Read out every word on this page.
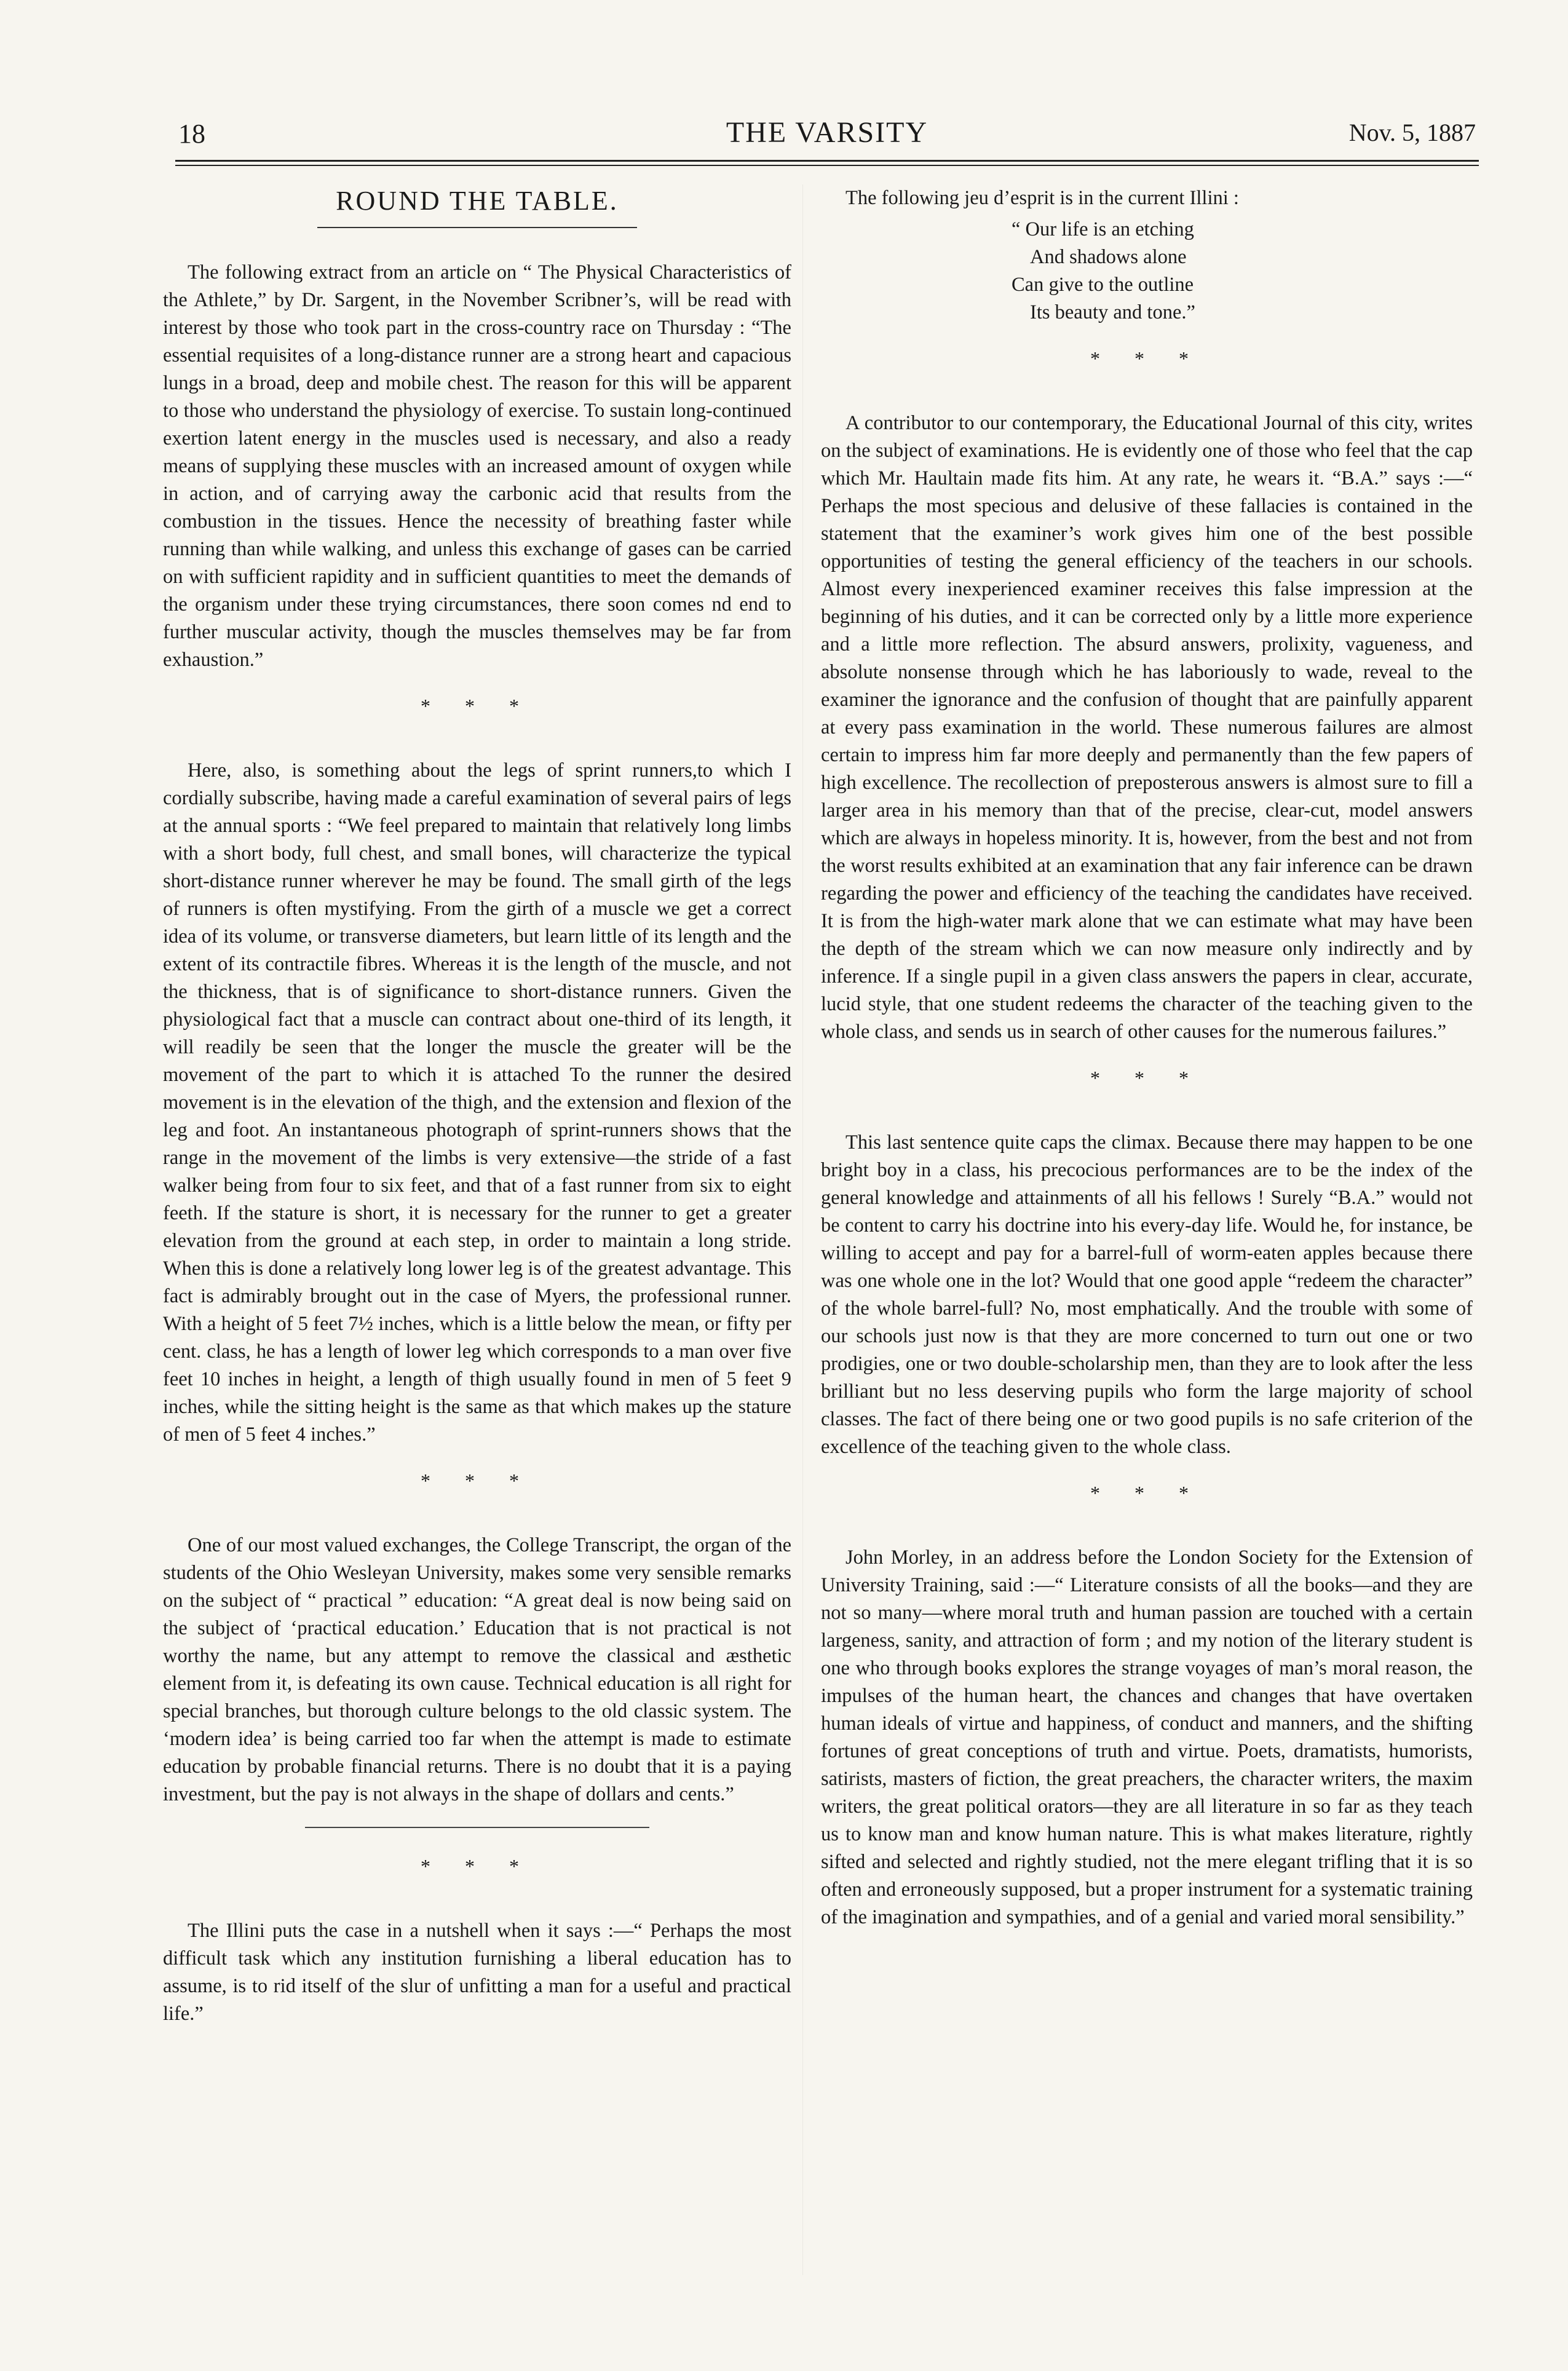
18	THE VARSITY	Nov. 5, 1887
ROUND THE TABLE.

The following extract from an article on “ The Physical Characteristics of the Athlete,” by Dr. Sargent, in the November Scribner’s, will be read with interest by those who took part in the cross-country race on Thursday : “The essential requisites of a long-distance runner are a strong heart and capacious lungs in a broad, deep and mobile chest. The reason for this will be apparent to those who understand the physiology of exercise. To sustain long-continued exertion latent energy in the muscles used is necessary, and also a ready means of supplying these muscles with an increased amount of oxygen while in action, and of carrying away the carbonic acid that results from the combustion in the tissues. Hence the necessity of breathing faster while running than while walking, and unless this exchange of gases can be carried on with sufficient rapidity and in sufficient quantities to meet the demands of the organism under these trying circumstances, there soon comes nd end to further muscular activity, though the muscles themselves may be far from exhaustion.”

* * *

Here, also, is something about the legs of sprint runners,to which I cordially subscribe, having made a careful examination of several pairs of legs at the annual sports : “We feel prepared to maintain that relatively long limbs with a short body, full chest, and small bones, will characterize the typical short-distance runner wherever he may be found. The small girth of the legs of runners is often mystifying. From the girth of a muscle we get a correct idea of its volume, or transverse diameters, but learn little of its length and the extent of its contractile fibres. Whereas it is the length of the muscle, and not the thickness, that is of significance to short-distance runners. Given the physiological fact that a muscle can contract about one-third of its length, it will readily be seen that the longer the muscle the greater will be the movement of the part to which it is attached To the runner the desired movement is in the elevation of the thigh, and the extension and flexion of the leg and foot. An instantaneous photograph of sprint-runners shows that the range in the movement of the limbs is very extensive—the stride of a fast walker being from four to six feet, and that of a fast runner from six to eight feeth. If the stature is short, it is necessary for the runner to get a greater elevation from the ground at each step, in order to maintain a long stride. When this is done a relatively long lower leg is of the greatest advantage. This fact is admirably brought out in the case of Myers, the professional runner. With a height of 5 feet 7½ inches, which is a little below the mean, or fifty per cent. class, he has a length of lower leg which corresponds to a man over five feet 10 inches in height, a length of thigh usually found in men of 5 feet 9 inches, while the sitting height is the same as that which makes up the stature of men of 5 feet 4 inches.”

* * *

One of our most valued exchanges, the College Transcript, the organ of the students of the Ohio Wesleyan University, makes some very sensible remarks on the subject of “ practical ” education: “A great deal is now being said on the subject of ‘practical education.’ Education that is not practical is not worthy the name, but any attempt to remove the classical and æsthetic element from it, is defeating its own cause. Technical education is all right for special branches, but thorough culture belongs to the old classic system. The ‘modern idea’ is being carried too far when the attempt is made to estimate education by probable financial returns. There is no doubt that it is a paying investment, but the pay is not always in the shape of dollars and cents.”

* * *

The Illini puts the case in a nutshell when it says :—“ Perhaps the most difficult task which any institution furnishing a liberal education has to assume, is to rid itself of the slur of unfitting a man for a useful and practical life.”

The following jeu d’esprit is in the current Illini :

“ Our life is an etching
And shadows alone
Can give to the outline
Its beauty and tone.”
* * *

A contributor to our contemporary, the Educational Journal of this city, writes on the subject of examinations. He is evidently one of those who feel that the cap which Mr. Haultain made fits him. At any rate, he wears it. “B.A.” says :—“ Perhaps the most specious and delusive of these fallacies is contained in the statement that the examiner’s work gives him one of the best possible opportunities of testing the general efficiency of the teachers in our schools. Almost every inexperienced examiner receives this false impression at the beginning of his duties, and it can be corrected only by a little more experience and a little more reflection. The absurd answers, prolixity, vagueness, and absolute nonsense through which he has laboriously to wade, reveal to the examiner the ignorance and the confusion of thought that are painfully apparent at every pass examination in the world. These numerous failures are almost certain to impress him far more deeply and permanently than the few papers of high excellence. The recollection of preposterous answers is almost sure to fill a larger area in his memory than that of the precise, clear-cut, model answers which are always in hopeless minority. It is, however, from the best and not from the worst results exhibited at an examination that any fair inference can be drawn regarding the power and efficiency of the teaching the candidates have received. It is from the high-water mark alone that we can estimate what may have been the depth of the stream which we can now measure only indirectly and by inference. If a single pupil in a given class answers the papers in clear, accurate, lucid style, that one student redeems the character of the teaching given to the whole class, and sends us in search of other causes for the numerous failures.”

* * *

This last sentence quite caps the climax. Because there may happen to be one bright boy in a class, his precocious performances are to be the index of the general knowledge and attainments of all his fellows ! Surely “B.A.” would not be content to carry his doctrine into his every-day life. Would he, for instance, be willing to accept and pay for a barrel-full of worm-eaten apples because there was one whole one in the lot? Would that one good apple “redeem the character” of the whole barrel-full? No, most emphatically. And the trouble with some of our schools just now is that they are more concerned to turn out one or two prodigies, one or two double-scholarship men, than they are to look after the less brilliant but no less deserving pupils who form the large majority of school classes. The fact of there being one or two good pupils is no safe criterion of the excellence of the teaching given to the whole class.

* * *

John Morley, in an address before the London Society for the Extension of University Training, said :—“ Literature consists of all the books—and they are not so many—where moral truth and human passion are touched with a certain largeness, sanity, and attraction of form ; and my notion of the literary student is one who through books explores the strange voyages of man’s moral reason, the impulses of the human heart, the chances and changes that have overtaken human ideals of virtue and happiness, of conduct and manners, and the shifting fortunes of great conceptions of truth and virtue. Poets, dramatists, humorists, satirists, masters of fiction, the great preachers, the character writers, the maxim writers, the great political orators—they are all literature in so far as they teach us to know man and know human nature. This is what makes literature, rightly sifted and selected and rightly studied, not the mere elegant trifling that it is so often and erroneously supposed, but a proper instrument for a systematic training of the imagination and sympathies, and of a genial and varied moral sensibility.”
